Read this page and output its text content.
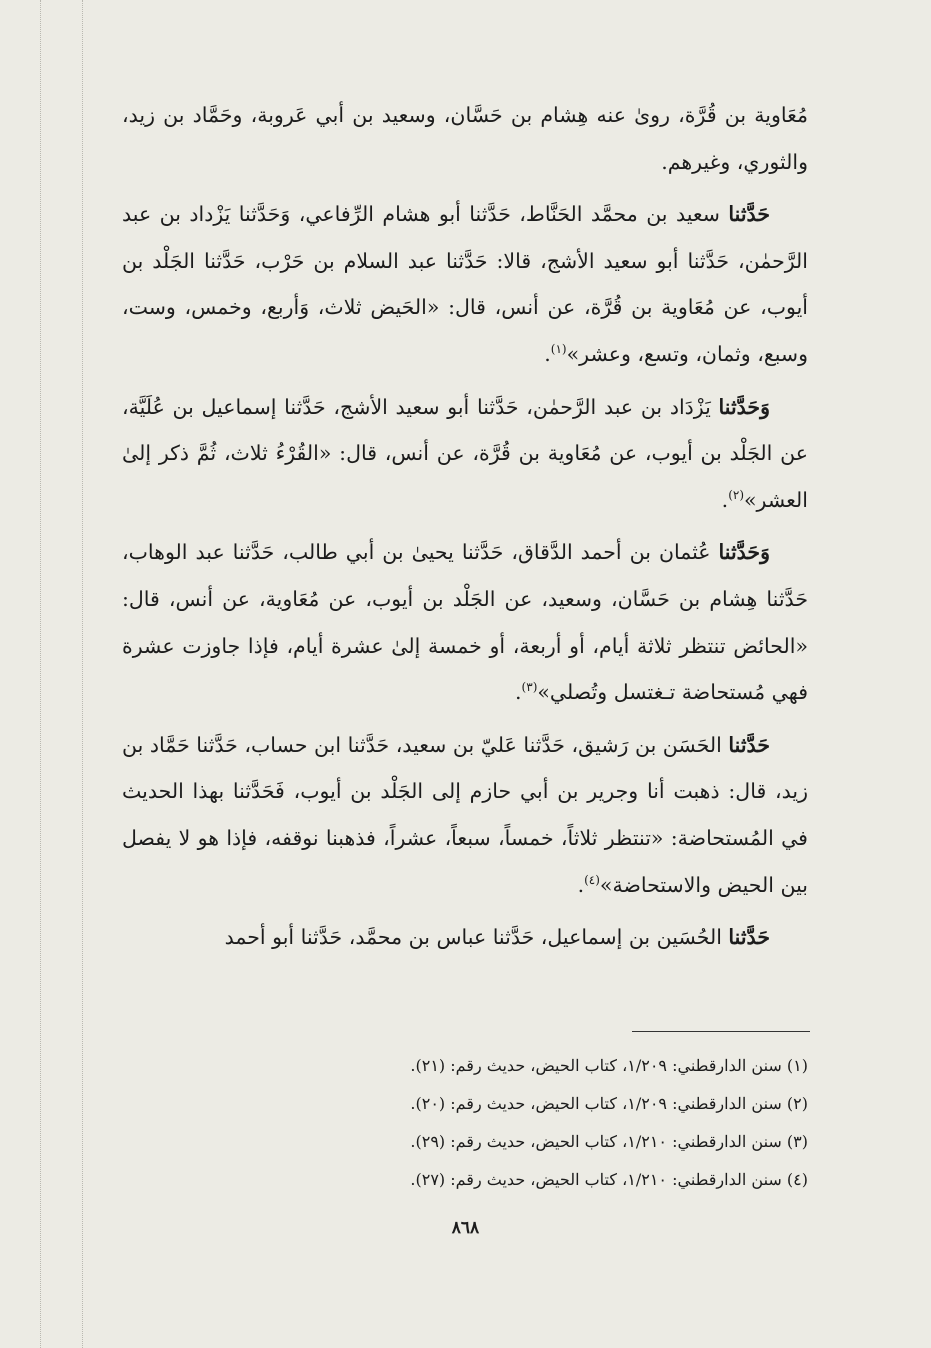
مُعَاوية بن قُرَّة، روىٰ عنه هِشام بن حَسَّان، وسعيد بن أبي عَروبة، وحَمَّاد بن زيد، والثوري، وغيرهم.

حَدَّثنا سعيد بن محمَّد الحَنَّاط، حَدَّثنا أبو هشام الرِّفاعي، وَحَدَّثنا يَزْداد بن عبد الرَّحمٰن، حَدَّثنا أبو سعيد الأشج، قالا: حَدَّثنا عبد السلام بن حَرْب، حَدَّثنا الجَلْد بن أيوب، عن مُعَاوية بن قُرَّة، عن أنس، قال: «الحَيض ثلاث، وَأربع، وخمس، وست، وسبع، وثمان، وتسع، وعشر»$^{(١)}$.

وَحَدَّثنا يَزْدَاد بن عبد الرَّحمٰن، حَدَّثنا أبو سعيد الأشج، حَدَّثنا إسماعيل بن عُلَيَّة، عن الجَلْد بن أيوب، عن مُعَاوية بن قُرَّة، عن أنس، قال: «القُرْءُ ثلاث، ثُمَّ ذكر إلىٰ العشر»$^{(٢)}$.

وَحَدَّثنا عُثمان بن أحمد الدَّقاق، حَدَّثنا يحيىٰ بن أبي طالب، حَدَّثنا عبد الوهاب، حَدَّثنا هِشام بن حَسَّان، وسعيد، عن الجَلْد بن أيوب، عن مُعَاوية، عن أنس، قال: «الحائض تنتظر ثلاثة أيام، أو أربعة، أو خمسة إلىٰ عشرة أيام، فإذا جاوزت عشرة فهي مُستحاضة تـغتسل وتُصلي»$^{(٣)}$.

حَدَّثنا الحَسَن بن رَشيق، حَدَّثنا عَليّ بن سعيد، حَدَّثنا ابن حساب، حَدَّثنا حَمَّاد بن زيد، قال: ذهبت أنا وجرير بن أبي حازم إلى الجَلْد بن أيوب، فَحَدَّثنا بهذا الحديث في المُستحاضة: «تنتظر ثلاثاً، خمساً، سبعاً، عشراً، فذهبنا نوقفه، فإذا هو لا يفصل بين الحيض والاستحاضة»$^{(٤)}$.

حَدَّثنا الحُسَين بن إسماعيل، حَدَّثنا عباس بن محمَّد، حَدَّثنا أبو أحمد

(١) سنن الدارقطني: ١/٢٠٩، كتاب الحيض، حديث رقم: (٢١).
(٢) سنن الدارقطني: ١/٢٠٩، كتاب الحيض، حديث رقم: (٢٠).
(٣) سنن الدارقطني: ١/٢١٠، كتاب الحيض، حديث رقم: (٢٩).
(٤) سنن الدارقطني: ١/٢١٠، كتاب الحيض، حديث رقم: (٢٧).
٨٦٨
